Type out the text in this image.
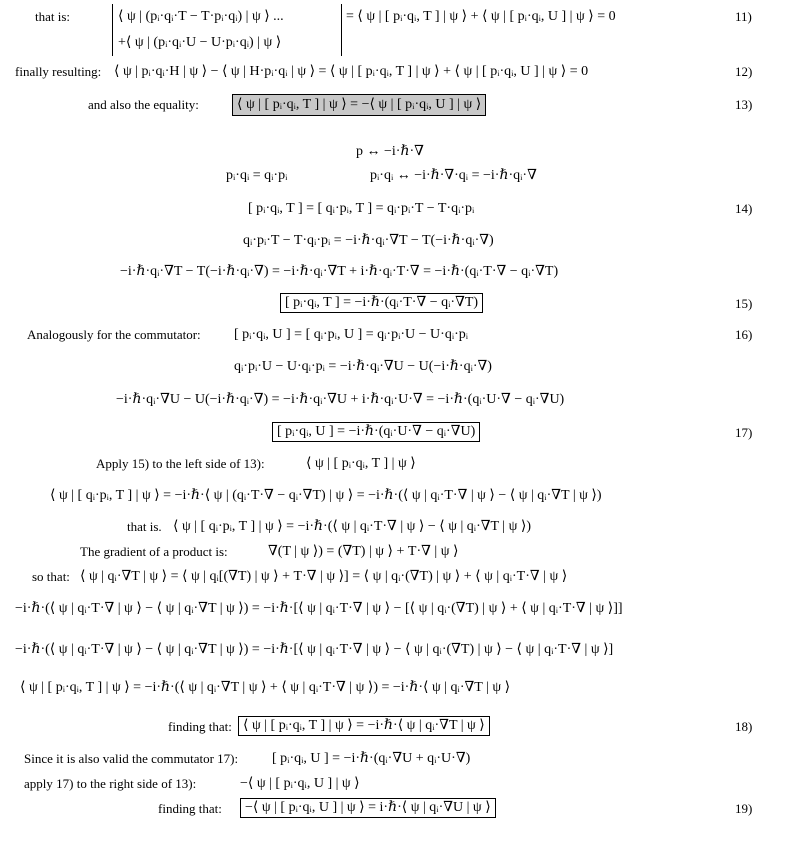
that is:	⟨ ψ | (pᵢ·qᵢ·T − T·pᵢ·qᵢ) | ψ ⟩ ...
+⟨ ψ | (pᵢ·qᵢ·U − U·pᵢ·qᵢ) | ψ ⟩
= ⟨ ψ | [ pᵢ·qᵢ, T ] | ψ ⟩ + ⟨ ψ | [ pᵢ·qᵢ, U ] | ψ ⟩ = 0	11)
finally resulting: ⟨ ψ | pᵢ·qᵢ·H | ψ ⟩ − ⟨ ψ | H·pᵢ·qᵢ | ψ ⟩ = ⟨ ψ | [ pᵢ·qᵢ, T ] | ψ ⟩ + ⟨ ψ | [ pᵢ·qᵢ, U ] | ψ ⟩ = 0	12)
and also the equality:	⟨ ψ | [ pᵢ·qᵢ, T ] | ψ ⟩ = −⟨ ψ | [ pᵢ·qᵢ, U ] | ψ ⟩	13)
p ↔ −i·ℏ·∇
pᵢ·qᵢ = qᵢ·pᵢ	pᵢ·qᵢ ↔ −i·ℏ·∇·qᵢ = −i·ℏ·qᵢ·∇
[ pᵢ·qᵢ, T ] = [ qᵢ·pᵢ, T ] = qᵢ·pᵢ·T − T·qᵢ·pᵢ	14)
qᵢ·pᵢ·T − T·qᵢ·pᵢ = −i·ℏ·qᵢ·∇T − T(−i·ℏ·qᵢ·∇)
−i·ℏ·qᵢ·∇T − T(−i·ℏ·qᵢ·∇) = −i·ℏ·qᵢ·∇T + i·ℏ·qᵢ·T·∇ = −i·ℏ·(qᵢ·T·∇ − qᵢ·∇T)
[ pᵢ·qᵢ, T ] = −i·ℏ·(qᵢ·T·∇ − qᵢ·∇T)	15)
Analogously for the commutator: [ pᵢ·qᵢ, U ] = [ qᵢ·pᵢ, U ] = qᵢ·pᵢ·U − U·qᵢ·pᵢ	16)
qᵢ·pᵢ·U − U·qᵢ·pᵢ = −i·ℏ·qᵢ·∇U − U(−i·ℏ·qᵢ·∇)
−i·ℏ·qᵢ·∇U − U(−i·ℏ·qᵢ·∇) = −i·ℏ·qᵢ·∇U + i·ℏ·qᵢ·U·∇ = −i·ℏ·(qᵢ·U·∇ − qᵢ·∇U)
[ pᵢ·qᵢ, U ] = −i·ℏ·(qᵢ·U·∇ − qᵢ·∇U)	17)
Apply 15) to the left side of 13):	⟨ ψ | [ pᵢ·qᵢ, T ] | ψ ⟩
⟨ ψ | [ qᵢ·pᵢ, T ] | ψ ⟩ = −i·ℏ·⟨ ψ | (qᵢ·T·∇ − qᵢ·∇T) | ψ ⟩ = −i·ℏ·(⟨ ψ | qᵢ·T·∇ | ψ ⟩ − ⟨ ψ | qᵢ·∇T | ψ ⟩)
that is. ⟨ ψ | [ qᵢ·pᵢ, T ] | ψ ⟩ = −i·ℏ·(⟨ ψ | qᵢ·T·∇ | ψ ⟩ − ⟨ ψ | qᵢ·∇T | ψ ⟩)
The gradient of a product is:	∇(T | ψ ⟩) = (∇T) | ψ ⟩ + T·∇ | ψ ⟩
so that: ⟨ ψ | qᵢ·∇T | ψ ⟩ = ⟨ ψ | qᵢ[(∇T) | ψ ⟩ + T·∇ | ψ ⟩] = ⟨ ψ | qᵢ·(∇T) | ψ ⟩ + ⟨ ψ | qᵢ·T·∇ | ψ ⟩
−i·ℏ·(⟨ ψ | qᵢ·T·∇ | ψ ⟩ − ⟨ ψ | qᵢ·∇T | ψ ⟩) = −i·ℏ·[⟨ ψ | qᵢ·T·∇ | ψ ⟩ − [⟨ ψ | qᵢ·(∇T) | ψ ⟩ + ⟨ ψ | qᵢ·T·∇ | ψ ⟩]]
−i·ℏ·(⟨ ψ | qᵢ·T·∇ | ψ ⟩ − ⟨ ψ | qᵢ·∇T | ψ ⟩) = −i·ℏ·[⟨ ψ | qᵢ·T·∇ | ψ ⟩ − ⟨ ψ | qᵢ·(∇T) | ψ ⟩ − ⟨ ψ | qᵢ·T·∇ | ψ ⟩]
⟨ ψ | [ pᵢ·qᵢ, T ] | ψ ⟩ = −i·ℏ·(⟨ ψ | qᵢ·∇T | ψ ⟩ + ⟨ ψ | qᵢ·T·∇ | ψ ⟩) = −i·ℏ·⟨ ψ | qᵢ·∇T | ψ ⟩
finding that: ⟨ ψ | [ pᵢ·qᵢ, T ] | ψ ⟩ = −i·ℏ·⟨ ψ | qᵢ·∇T | ψ ⟩	18)
Since it is also valid the commutator 17): [ pᵢ·qᵢ, U ] = −i·ℏ·(qᵢ·∇U + qᵢ·U·∇)
apply 17) to the right side of 13):	−⟨ ψ | [ pᵢ·qᵢ, U ] | ψ ⟩
finding that:	−⟨ ψ | [ pᵢ·qᵢ, U ] | ψ ⟩ = i·ℏ·⟨ ψ | qᵢ·∇U | ψ ⟩	19)
